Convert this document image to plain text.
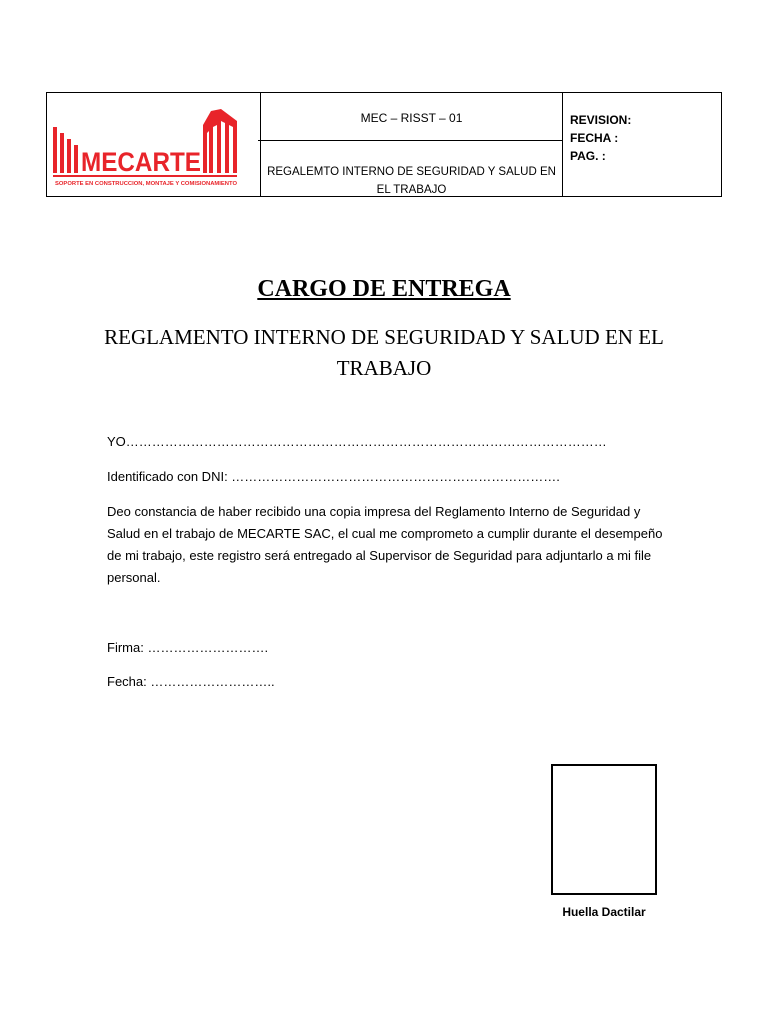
MECARTE
SOPORTE EN CONSTRUCCION, MONTAJE Y COMISIONAMIENTO
MEC – RISST – 01
REGALEMTO INTERNO DE SEGURIDAD Y SALUD EN EL TRABAJO
REVISION:
FECHA :
PAG. :
CARGO DE ENTREGA
REGLAMENTO INTERNO DE SEGURIDAD Y SALUD EN EL TRABAJO
YO…………………………………………………………………………………………………
Identificado con DNI: ………………………………………………………………….
Deo constancia de haber recibido una copia impresa del Reglamento Interno de Seguridad y Salud en el trabajo de MECARTE SAC, el cual me comprometo a cumplir durante el desempeño de mi trabajo, este registro será entregado al Supervisor de Seguridad para adjuntarlo a mi file personal.
Firma: ……………………….
Fecha: ………………………..
Huella Dactilar
